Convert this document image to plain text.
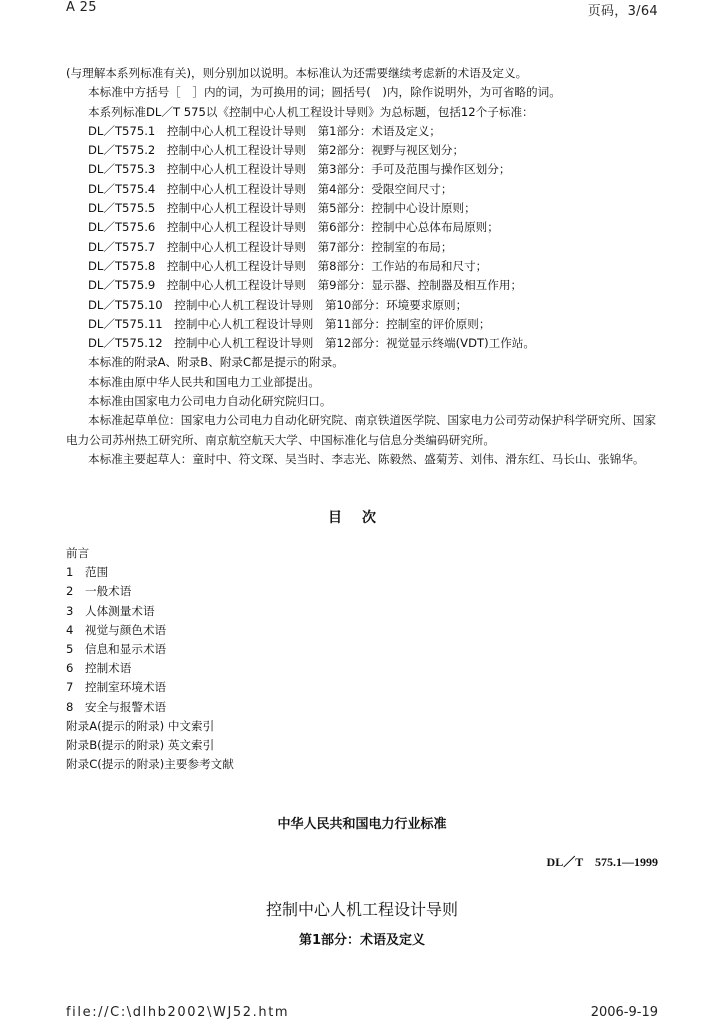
A 25	页码，3/64
(与理解本系列标准有关)，则分别加以说明。本标准认为还需要继续考虑新的术语及定义。
本标准中方括号［　］内的词，为可换用的词；圆括号(　)内，除作说明外，为可省略的词。
本系列标准DL／T 575以《控制中心人机工程设计导则》为总标题，包括12个子标准：
DL／T575.1　控制中心人机工程设计导则　第1部分：术语及定义；
DL／T575.2　控制中心人机工程设计导则　第2部分：视野与视区划分；
DL／T575.3　控制中心人机工程设计导则　第3部分：手可及范围与操作区划分；
DL／T575.4　控制中心人机工程设计导则　第4部分：受限空间尺寸；
DL／T575.5　控制中心人机工程设计导则　第5部分：控制中心设计原则；
DL／T575.6　控制中心人机工程设计导则　第6部分：控制中心总体布局原则；
DL／T575.7　控制中心人机工程设计导则　第7部分：控制室的布局；
DL／T575.8　控制中心人机工程设计导则　第8部分：工作站的布局和尺寸；
DL／T575.9　控制中心人机工程设计导则　第9部分：显示器、控制器及相互作用；
DL／T575.10　控制中心人机工程设计导则　第10部分：环境要求原则；
DL／T575.11　控制中心人机工程设计导则　第11部分：控制室的评价原则；
DL／T575.12　控制中心人机工程设计导则　第12部分：视觉显示终端(VDT)工作站。
本标准的附录A、附录B、附录C都是提示的附录。
本标准由原中华人民共和国电力工业部提出。
本标准由国家电力公司电力自动化研究院归口。
本标准起草单位：国家电力公司电力自动化研究院、南京铁道医学院、国家电力公司劳动保护科学研究所、国家电力公司苏州热工研究所、南京航空航天大学、中国标准化与信息分类编码研究所。
本标准主要起草人：童时中、符文琛、吴当时、李志光、陈毅然、盛菊芳、刘伟、滑东红、马长山、张锦华。
目次
前言
1　范围
2　一般术语
3　人体测量术语
4　视觉与颜色术语
5　信息和显示术语
6　控制术语
7　控制室环境术语
8　安全与报警术语
附录A(提示的附录) 中文索引
附录B(提示的附录) 英文索引
附录C(提示的附录)主要参考文献
中华人民共和国电力行业标准
DL／T　575.1—1999
控制中心人机工程设计导则
第1部分：术语及定义
file://C:\dlhb2002\WJ52.htm	2006-9-19
